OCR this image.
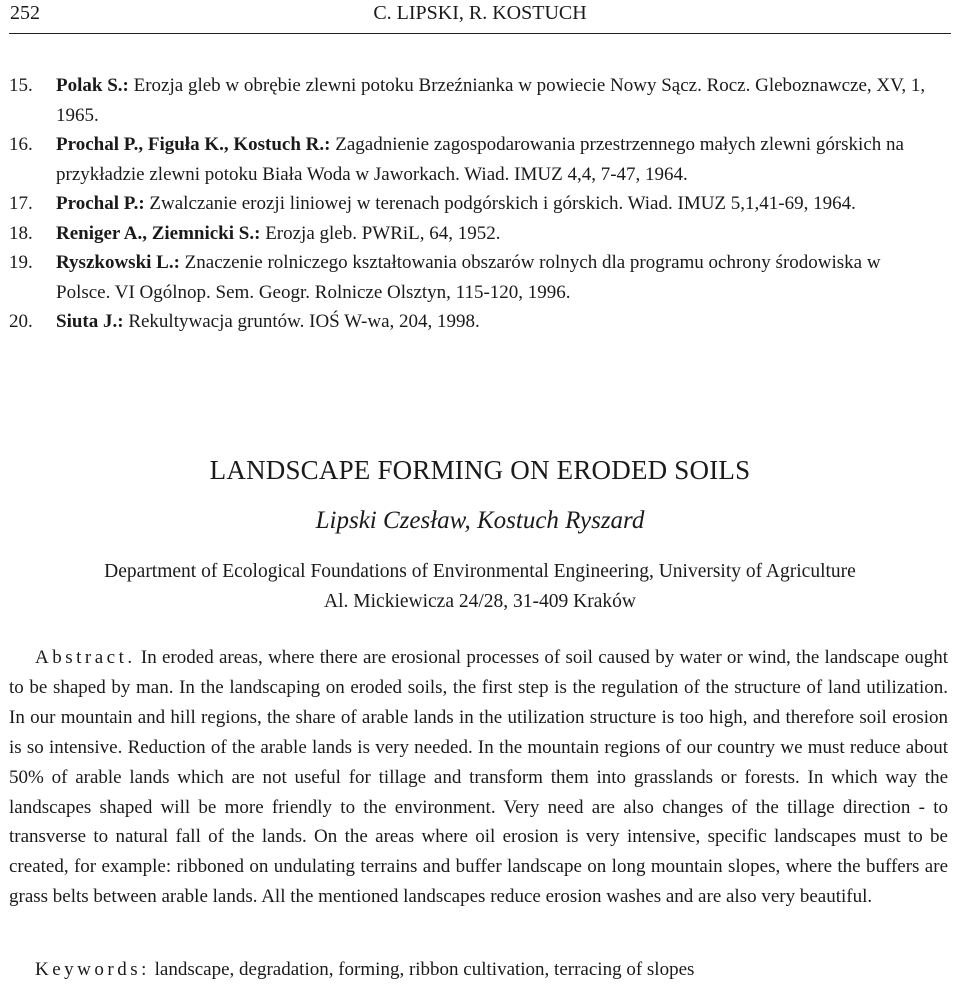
252	C. LIPSKI, R. KOSTUCH
15. Polak S.: Erozja gleb w obrębie zlewni potoku Brzeźnianka w powiecie Nowy Sącz. Rocz. Gleboznawcze, XV, 1, 1965.
16. Prochal P., Figuła K., Kostuch R.: Zagadnienie zagospodarowania przestrzennego małych zlewni górskich na przykładzie zlewni potoku Biała Woda w Jaworkach. Wiad. IMUZ 4,4, 7-47, 1964.
17. Prochal P.: Zwalczanie erozji liniowej w terenach podgórskich i górskich. Wiad. IMUZ 5,1,41-69, 1964.
18. Reniger A., Ziemnicki S.: Erozja gleb. PWRiL, 64, 1952.
19. Ryszkowski L.: Znaczenie rolniczego kształtowania obszarów rolnych dla programu ochrony środowiska w Polsce. VI Ogólnop. Sem. Geogr. Rolnicze Olsztyn, 115-120, 1996.
20. Siuta J.: Rekultywacja gruntów. IOŚ W-wa, 204, 1998.
LANDSCAPE FORMING ON ERODED SOILS
Lipski Czesław, Kostuch Ryszard
Department of Ecological Foundations of Environmental Engineering, University of Agriculture
Al. Mickiewicza 24/28, 31-409 Kraków
Abstract. In eroded areas, where there are erosional processes of soil caused by water or wind, the landscape ought to be shaped by man. In the landscaping on eroded soils, the first step is the regulation of the structure of land utilization. In our mountain and hill regions, the share of arable lands in the utilization structure is too high, and therefore soil erosion is so intensive. Reduction of the arable lands is very needed. In the mountain regions of our country we must reduce about 50% of arable lands which are not useful for tillage and transform them into grasslands or forests. In which way the landscapes shaped will be more friendly to the environment. Very need are also changes of the tillage direction - to transverse to natural fall of the lands. On the areas where oil erosion is very intensive, specific landscapes must to be created, for example: ribboned on undulating terrains and buffer landscape on long mountain slopes, where the buffers are grass belts between arable lands. All the mentioned landscapes reduce erosion washes and are also very beautiful.
Keywords: landscape, degradation, forming, ribbon cultivation, terracing of slopes
